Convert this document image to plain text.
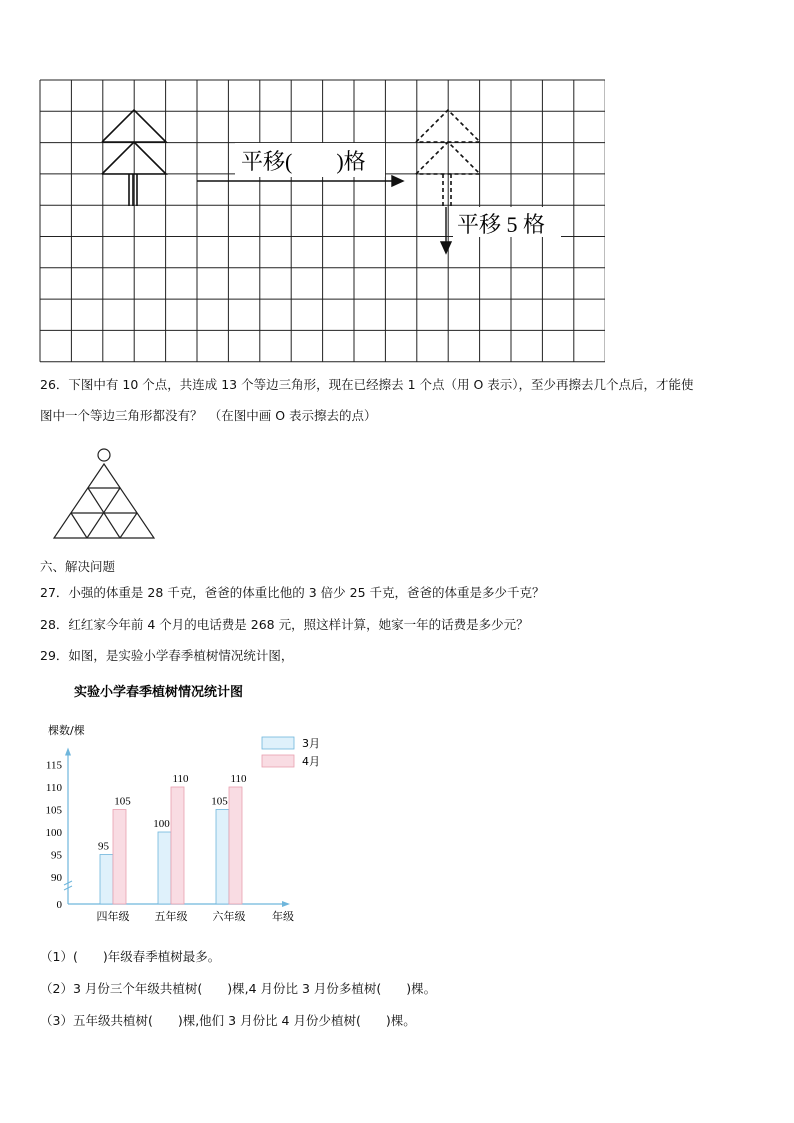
平移(　　)格
平移 5 格
26．下图中有 10 个点，共连成 13 个等边三角形，现在已经擦去 1 个点（用 O 表示），至少再擦去几个点后，才能使
图中一个等边三角形都没有？　（在图中画 O 表示擦去的点）
六、解决问题
27．小强的体重是 28 千克，爸爸的体重比他的 3 倍少 25 千克，爸爸的体重是多少千克？
28．红红家今年前 4 个月的电话费是 268 元，照这样计算，她家一年的话费是多少元？
29．如图，是实验小学春季植树情况统计图，
实验小学春季植树情况统计图
棵数/棵
0
90
95
100
105
110
115
95
105
100
110
105
110
四年级 五年级 六年级 年级
3月
4月
（1）(　　)年级春季植树最多。
（2）3 月份三个年级共植树(　　)棵,4 月份比 3 月份多植树(　　)棵。
（3）五年级共植树(　　)棵,他们 3 月份比 4 月份少植树(　　)棵。
